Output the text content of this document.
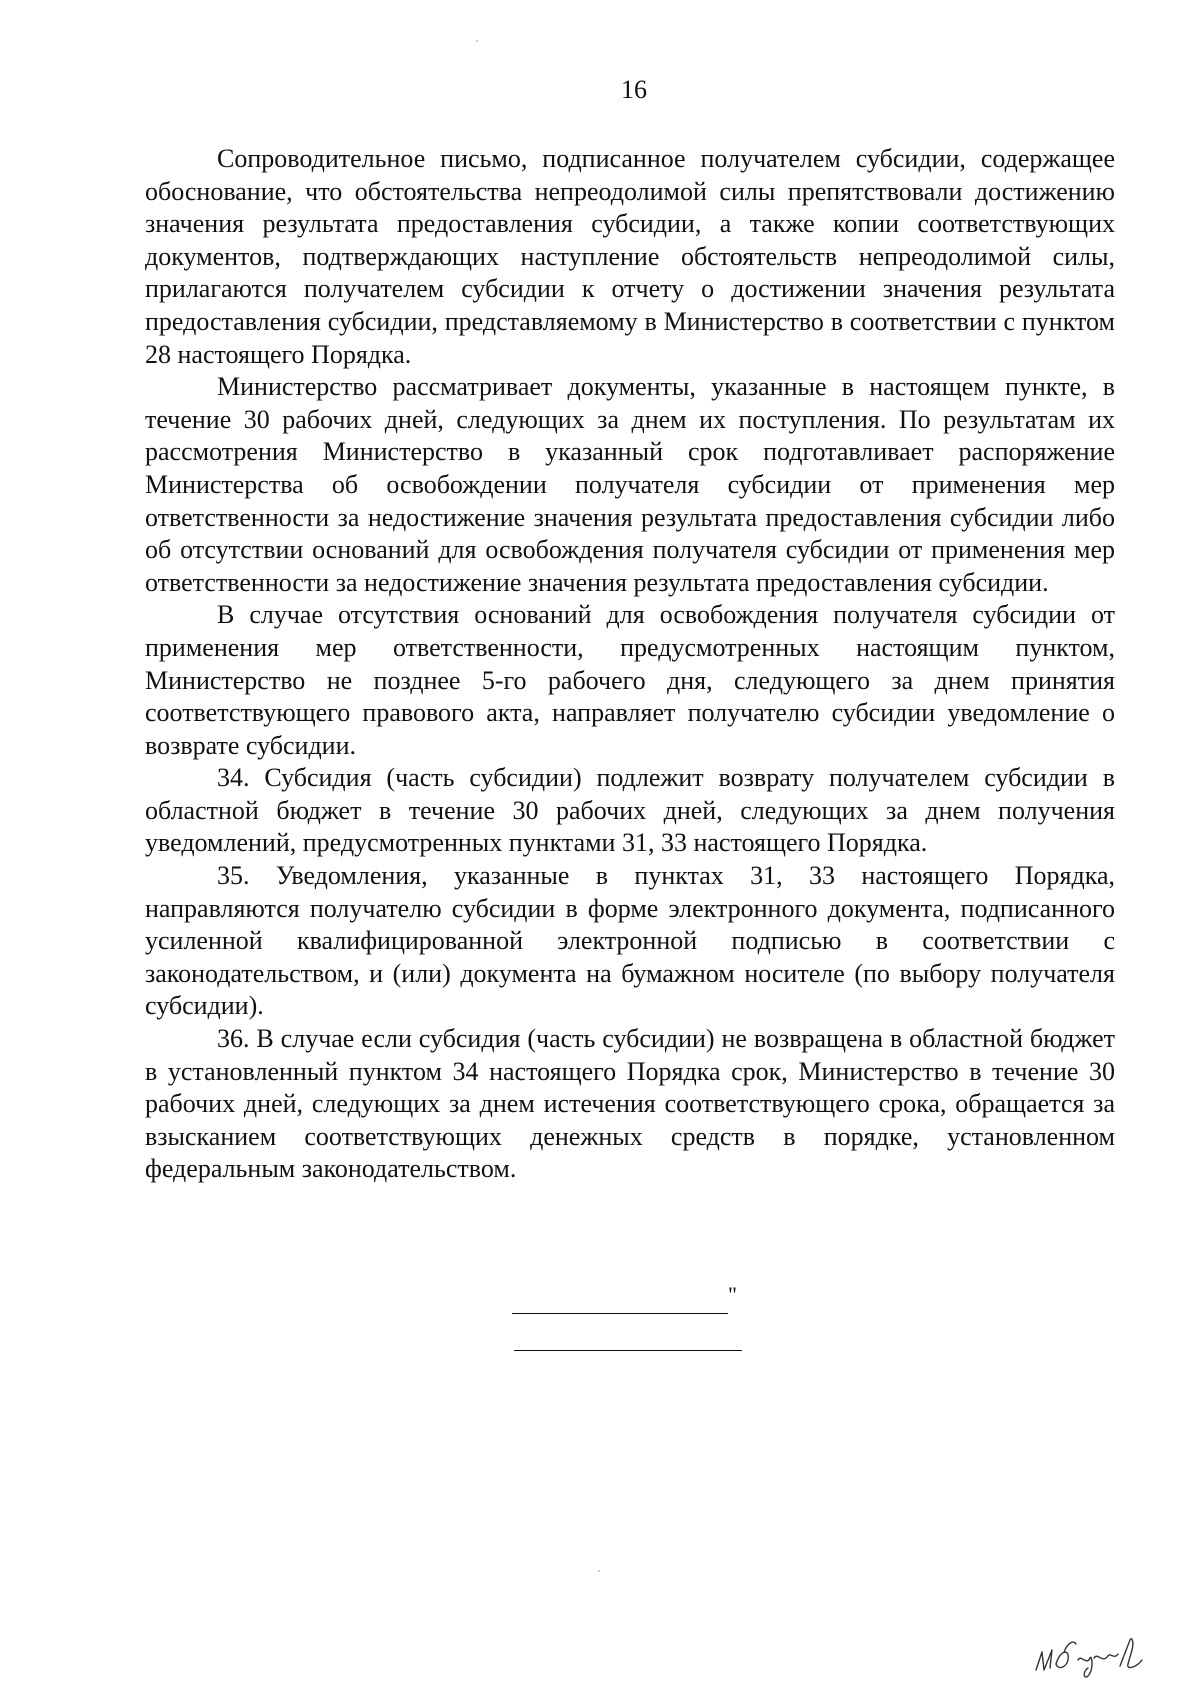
16

Сопроводительное письмо, подписанное получателем субсидии, содержащее обоснование, что обстоятельства непреодолимой силы препятствовали достижению значения результата предоставления субсидии, а также копии соответствующих документов, подтверждающих наступление обстоятельств непреодолимой силы, прилагаются получателем субсидии к отчету о достижении значения результата предоставления субсидии, представляемому в Министерство в соответствии с пунктом 28 настоящего Порядка.

Министерство рассматривает документы, указанные в настоящем пункте, в течение 30 рабочих дней, следующих за днем их поступления. По результатам их рассмотрения Министерство в указанный срок подготавливает распоряжение Министерства об освобождении получателя субсидии от применения мер ответственности за недостижение значения результата предоставления субсидии либо об отсутствии оснований для освобождения получателя субсидии от применения мер ответственности за недостижение значения результата предоставления субсидии.

В случае отсутствия оснований для освобождения получателя субсидии от применения мер ответственности, предусмотренных настоящим пунктом, Министерство не позднее 5-го рабочего дня, следующего за днем принятия соответствующего правового акта, направляет получателю субсидии уведомление о возврате субсидии.

34. Субсидия (часть субсидии) подлежит возврату получателем субсидии в областной бюджет в течение 30 рабочих дней, следующих за днем получения уведомлений, предусмотренных пунктами 31, 33 настоящего Порядка.

35. Уведомления, указанные в пунктах 31, 33 настоящего Порядка, направляются получателю субсидии в форме электронного документа, подписанного усиленной квалифицированной электронной подписью в соответствии с законодательством, и (или) документа на бумажном носителе (по выбору получателя субсидии).

36. В случае если субсидия (часть субсидии) не возвращена в областной бюджет в установленный пунктом 34 настоящего Порядка срок, Министерство в течение 30 рабочих дней, следующих за днем истечения соответствующего срока, обращается за взысканием соответствующих денежных средств в порядке, установленном федеральным законодательством.

"
